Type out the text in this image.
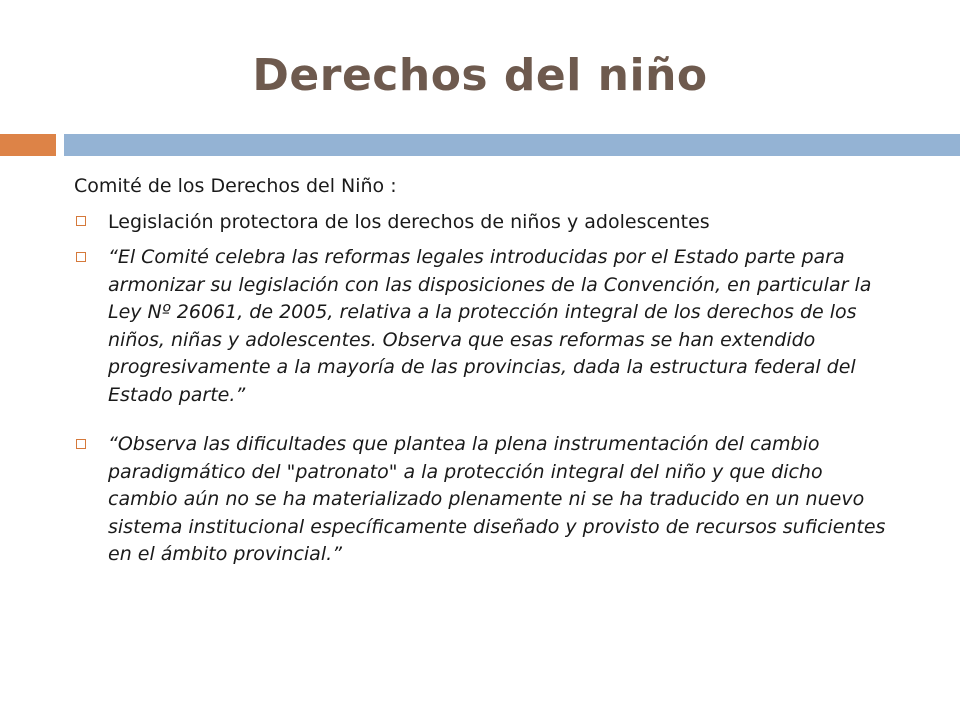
Derechos del niño

Comité de los Derechos del Niño :

Legislación protectora de los derechos de niños y adolescentes
“El Comité celebra las reformas legales introducidas por el Estado parte para armonizar su legislación con las disposiciones de la Convención, en particular la Ley Nº 26061, de 2005, relativa a la protección integral de los derechos de los niños, niñas y adolescentes. Observa que esas reformas se han extendido progresivamente a la mayoría de las provincias, dada la estructura federal del Estado parte.”
“Observa las dificultades que plantea la plena instrumentación del cambio paradigmático del "patronato" a la protección integral del niño y que dicho cambio aún no se ha materializado plenamente ni se ha traducido en un nuevo sistema institucional específicamente diseñado y provisto de recursos suficientes en el ámbito provincial.”
